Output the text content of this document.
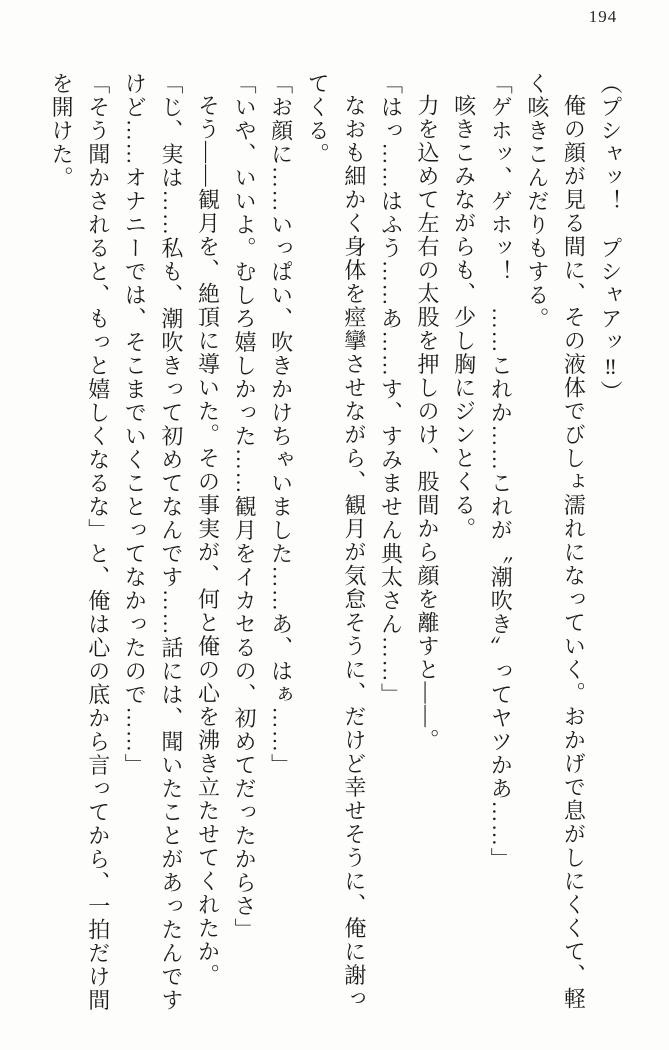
194

（プシャッ！　プシャアッ‼）

俺の顔が見る間に、その液体でびしょ濡れになっていく。おかげで息がしにくくて、軽

く咳きこんだりもする。

「ゲホッ、ゲホッ！　……これか……これが〝潮吹き〟ってヤツかあ……」

咳きこみながらも、少し胸にジンとくる。

力を込めて左右の太股を押しのけ、股間から顔を離すと——。

「はっ……はふう……あ……す、すみません典太さん……」

なおも細かく身体を痙攣させながら、観月が気怠そうに、だけど幸せそうに、俺に謝っ

てくる。

「お顔に……いっぱい、吹きかけちゃいました……あ、はぁ……」

「いや、いいよ。むしろ嬉しかった……観月をイカセるの、初めてだったからさ」

そう——観月を、絶頂に導いた。その事実が、何と俺の心を沸き立たせてくれたか。

「じ、実は……私も、潮吹きって初めてなんです……話には、聞いたことがあったんです

けど……オナニーでは、そこまでいくことってなかったので……」

「そう聞かされると、もっと嬉しくなるな」と、俺は心の底から言ってから、一拍だけ間

を開けた。
